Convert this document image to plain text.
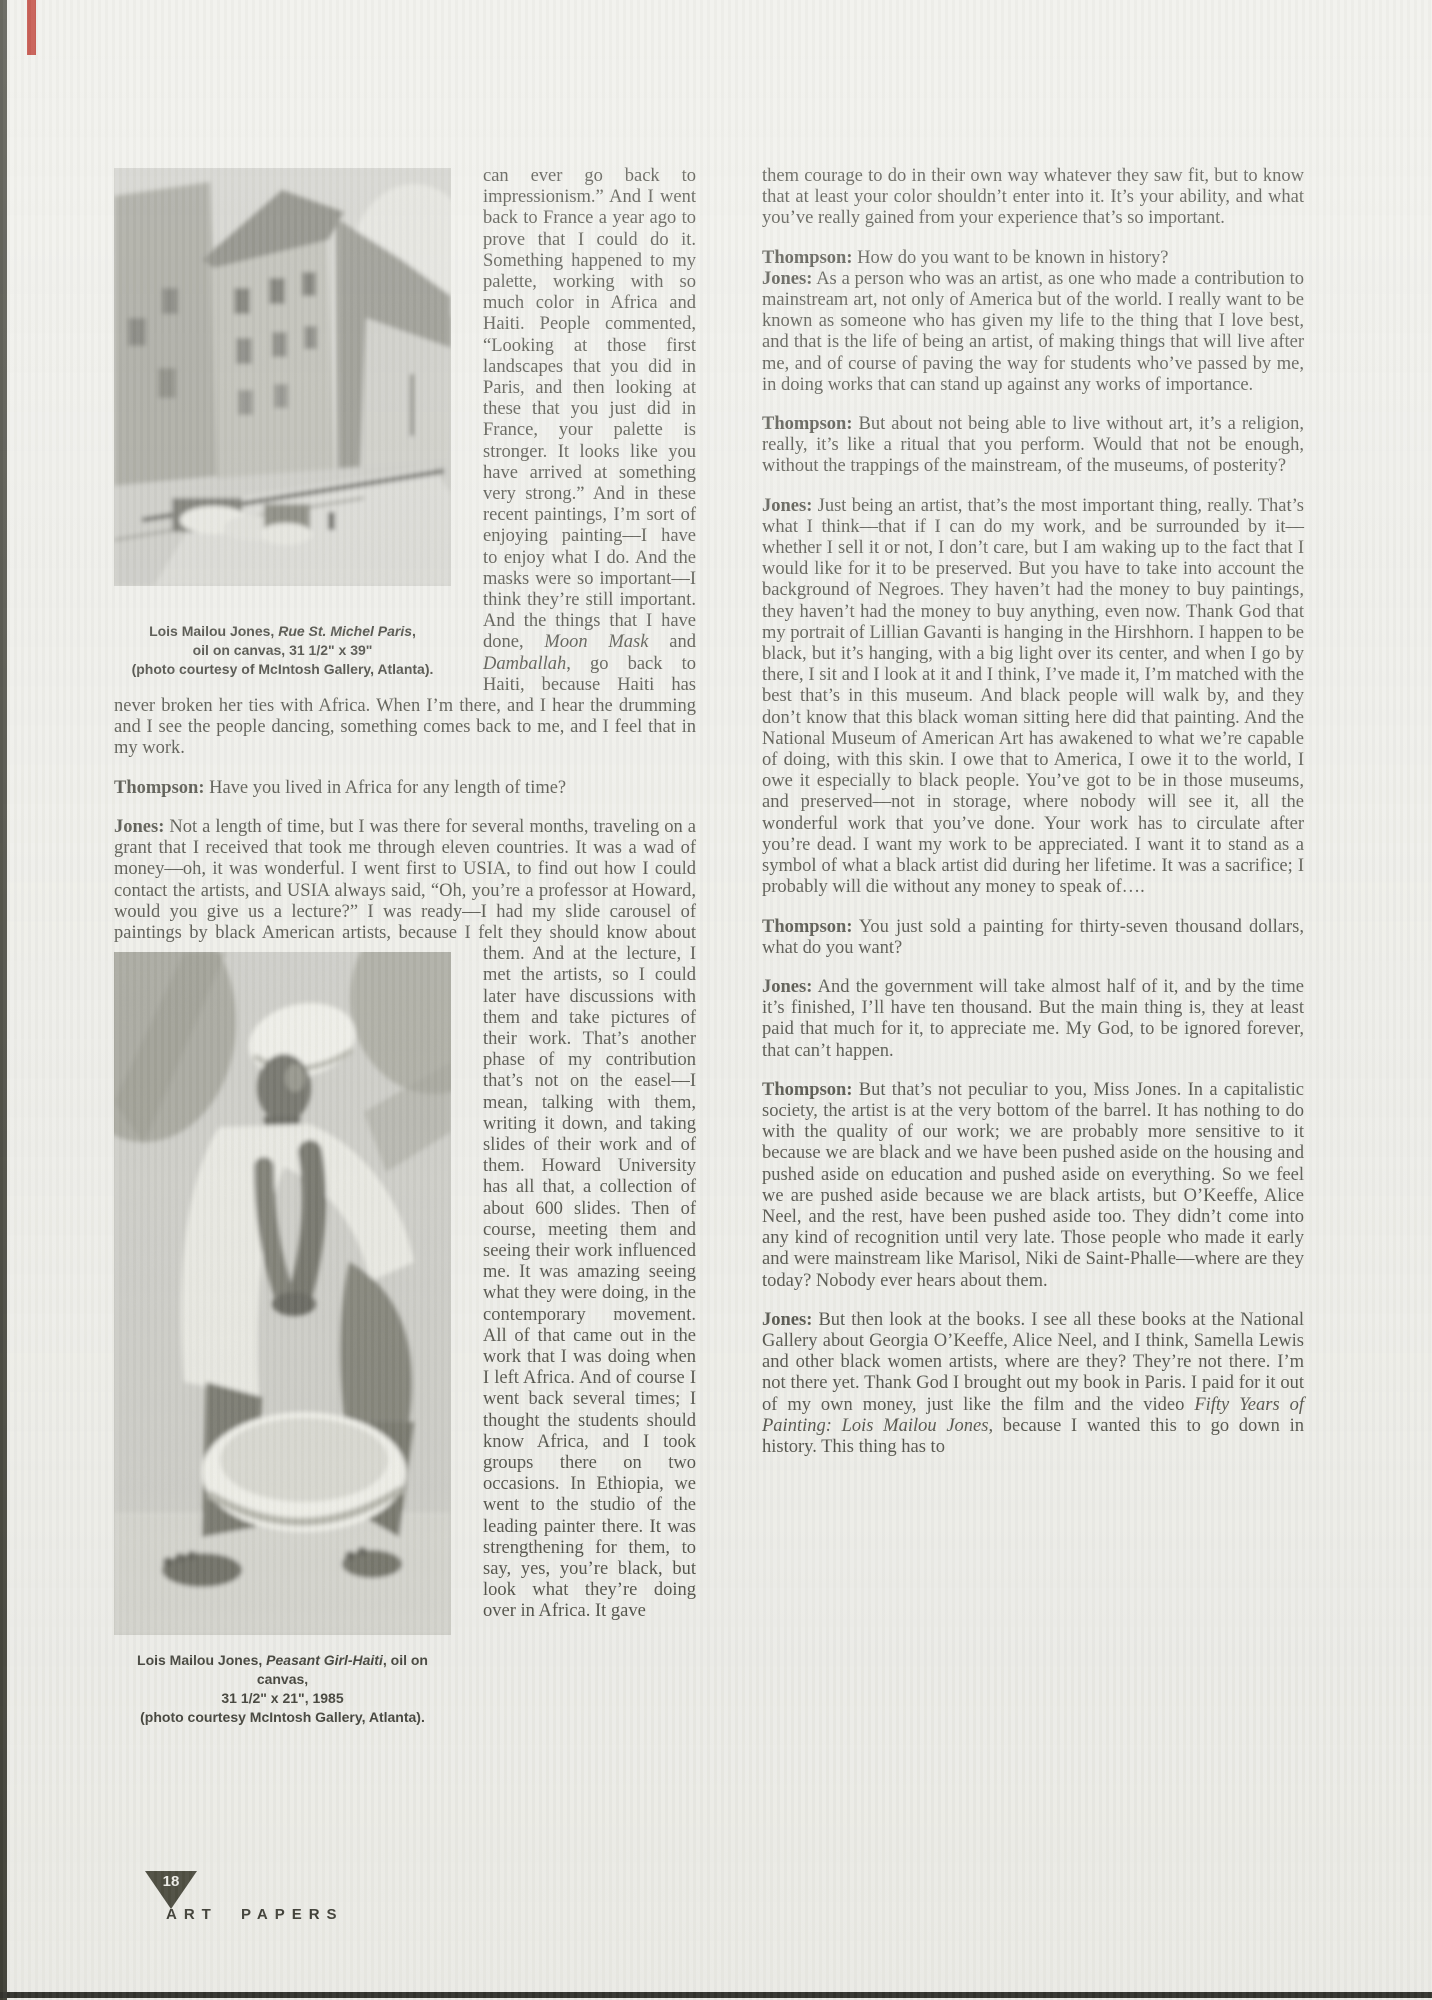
Lois Mailou Jones, Rue St. Michel Paris,
oil on canvas, 31 1/2" x 39"
(photo courtesy of McIntosh Gallery, Atlanta).

can ever go back to impressionism.” And I went back to France a year ago to prove that I could do it. Something happened to my palette, working with so much color in Africa and Haiti. People commented, “Looking at those first landscapes that you did in Paris, and then looking at these that you just did in France, your palette is stronger. It looks like you have arrived at something very strong.” And in these recent paintings, I’m sort of enjoying painting—I have to enjoy what I do. And the masks were so important—I think they’re still important. And the things that I have done, Moon Mask and Damballah, go back to Haiti, because Haiti has never broken her ties with Africa. When I’m there, and I hear the drumming and I see the people dancing, something comes back to me, and I feel that in my work.

Thompson: Have you lived in Africa for any length of time?

Jones: Not a length of time, but I was there for several months, traveling on a grant that I received that took me through eleven countries. It was a wad of money—oh, it was wonderful. I went first to USIA, to find out how I could contact the artists, and USIA always said, “Oh, you’re a professor at Howard, would you give us a lecture?” I was ready—I had my slide carousel of paintings by black American artists, because I felt
Lois Mailou Jones, Peasant Girl-Haiti, oil on canvas,
31 1/2" x 21", 1985
(photo courtesy McIntosh Gallery, Atlanta).
they should know about them. And at the lecture, I met the artists, so I could later have discussions with them and take pictures of their work. That’s another phase of my contribution that’s not on the easel—I mean, talking with them, writing it down, and taking slides of their work and of them. Howard University has all that, a collection of about 600 slides. Then of course, meeting them and seeing their work influenced me. It was amazing seeing what they were doing, in the contemporary movement. All of that came out in the work that I was doing when I left Africa. And of course I went back several times; I thought the students should know Africa, and I took groups there on two occasions. In Ethiopia, we went to the studio of the leading painter there. It was strengthening for them, to say, yes, you’re black, but look what they’re doing over in Africa. It gave

them courage to do in their own way whatever they saw fit, but to know that at least your color shouldn’t enter into it. It’s your ability, and what you’ve really gained from your experience that’s so important.

Thompson: How do you want to be known in history?
Jones: As a person who was an artist, as one who made a contribution to mainstream art, not only of America but of the world. I really want to be known as someone who has given my life to the thing that I love best, and that is the life of being an artist, of making things that will live after me, and of course of paving the way for students who’ve passed by me, in doing works that can stand up against any works of importance.

Thompson: But about not being able to live without art, it’s a religion, really, it’s like a ritual that you perform. Would that not be enough, without the trappings of the mainstream, of the museums, of posterity?

Jones: Just being an artist, that’s the most important thing, really. That’s what I think—that if I can do my work, and be surrounded by it—whether I sell it or not, I don’t care, but I am waking up to the fact that I would like for it to be preserved. But you have to take into account the background of Negroes. They haven’t had the money to buy paintings, they haven’t had the money to buy anything, even now. Thank God that my portrait of Lillian Gavanti is hanging in the Hirshhorn. I happen to be black, but it’s hanging, with a big light over its center, and when I go by there, I sit and I look at it and I think, I’ve made it, I’m matched with the best that’s in this museum. And black people will walk by, and they don’t know that this black woman sitting here did that painting. And the National Museum of American Art has awakened to what we’re capable of doing, with this skin. I owe that to America, I owe it to the world, I owe it especially to black people. You’ve got to be in those museums, and preserved—not in storage, where nobody will see it, all the wonderful work that you’ve done. Your work has to circulate after you’re dead. I want my work to be appreciated. I want it to stand as a symbol of what a black artist did during her lifetime. It was a sacrifice; I probably will die without any money to speak of….

Thompson: You just sold a painting for thirty-seven thousand dollars, what do you want?

Jones: And the government will take almost half of it, and by the time it’s finished, I’ll have ten thousand. But the main thing is, they at least paid that much for it, to appreciate me. My God, to be ignored forever, that can’t happen.

Thompson: But that’s not peculiar to you, Miss Jones. In a capitalistic society, the artist is at the very bottom of the barrel. It has nothing to do with the quality of our work; we are probably more sensitive to it because we are black and we have been pushed aside on the housing and pushed aside on education and pushed aside on everything. So we feel we are pushed aside because we are black artists, but O’Keeffe, Alice Neel, and the rest, have been pushed aside too. They didn’t come into any kind of recognition until very late. Those people who made it early and were mainstream like Marisol, Niki de Saint-Phalle—where are they today? Nobody ever hears about them.

Jones: But then look at the books. I see all these books at the National Gallery about Georgia O’Keeffe, Alice Neel, and I think, Samella Lewis and other black women artists, where are they? They’re not there. I’m not there yet. Thank God I brought out my book in Paris. I paid for it out of my own money, just like the film and the video Fifty Years of Painting: Lois Mailou Jones, because I wanted this to go down in history. This thing has to

18
ART PAPERS
